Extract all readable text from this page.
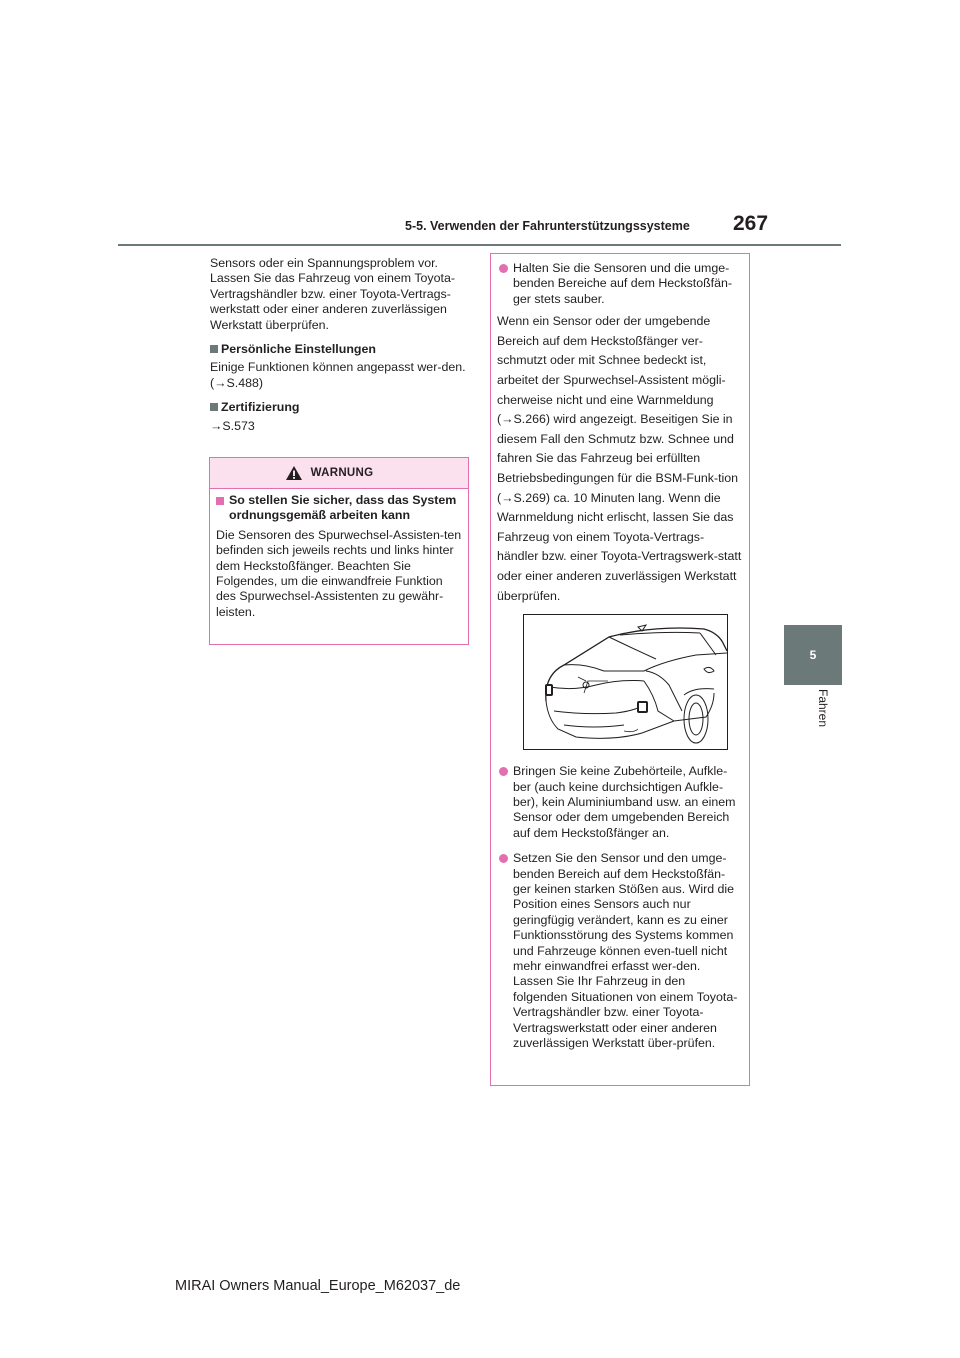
5-5. Verwenden der Fahrunterstützungssysteme 267
5
Fahren

Sensors oder ein Spannungsproblem vor. Lassen Sie das Fahrzeug von einem Toyota-Vertragshändler bzw. einer Toyota-Vertrags-werkstatt oder einer anderen zuverlässigen Werkstatt überprüfen.

Persönliche Einstellungen

Einige Funktionen können angepasst wer-den. (→S.488)

Zertifizierung

→S.573

WARNUNG
So stellen Sie sicher, dass das System ordnungsgemäß arbeiten kann

Die Sensoren des Spurwechsel-Assisten-ten befinden sich jeweils rechts und links hinter dem Heckstoßfänger. Beachten Sie Folgendes, um die einwandfreie Funktion des Spurwechsel-Assistenten zu gewähr-leisten.

Halten Sie die Sensoren und die umge-benden Bereiche auf dem Heckstoßfän-ger stets sauber.

Wenn ein Sensor oder der umgebende Bereich auf dem Heckstoßfänger ver-schmutzt oder mit Schnee bedeckt ist, arbeitet der Spurwechsel-Assistent mögli-cherweise nicht und eine Warnmeldung (→S.266) wird angezeigt. Beseitigen Sie in diesem Fall den Schmutz bzw. Schnee und fahren Sie das Fahrzeug bei erfüllten Betriebsbedingungen für die BSM-Funk-tion (→S.269) ca. 10 Minuten lang. Wenn die Warnmeldung nicht erlischt, lassen Sie das Fahrzeug von einem Toyota-Vertrags-händler bzw. einer Toyota-Vertragswerk-statt oder einer anderen zuverlässigen Werkstatt überprüfen.

Bringen Sie keine Zubehörteile, Aufkle-ber (auch keine durchsichtigen Aufkle-ber), kein Aluminiumband usw. an einem Sensor oder dem umgebenden Bereich auf dem Heckstoßfänger an.
Setzen Sie den Sensor und den umge-benden Bereich auf dem Heckstoßfän-ger keinen starken Stößen aus. Wird die Position eines Sensors auch nur geringfügig verändert, kann es zu einer Funktionsstörung des Systems kommen und Fahrzeuge können even-tuell nicht mehr einwandfrei erfasst wer-den. Lassen Sie Ihr Fahrzeug in den folgenden Situationen von einem Toyota-Vertragshändler bzw. einer Toyota-Vertragswerkstatt oder einer anderen zuverlässigen Werkstatt über-prüfen.
MIRAI Owners Manual_Europe_M62037_de
